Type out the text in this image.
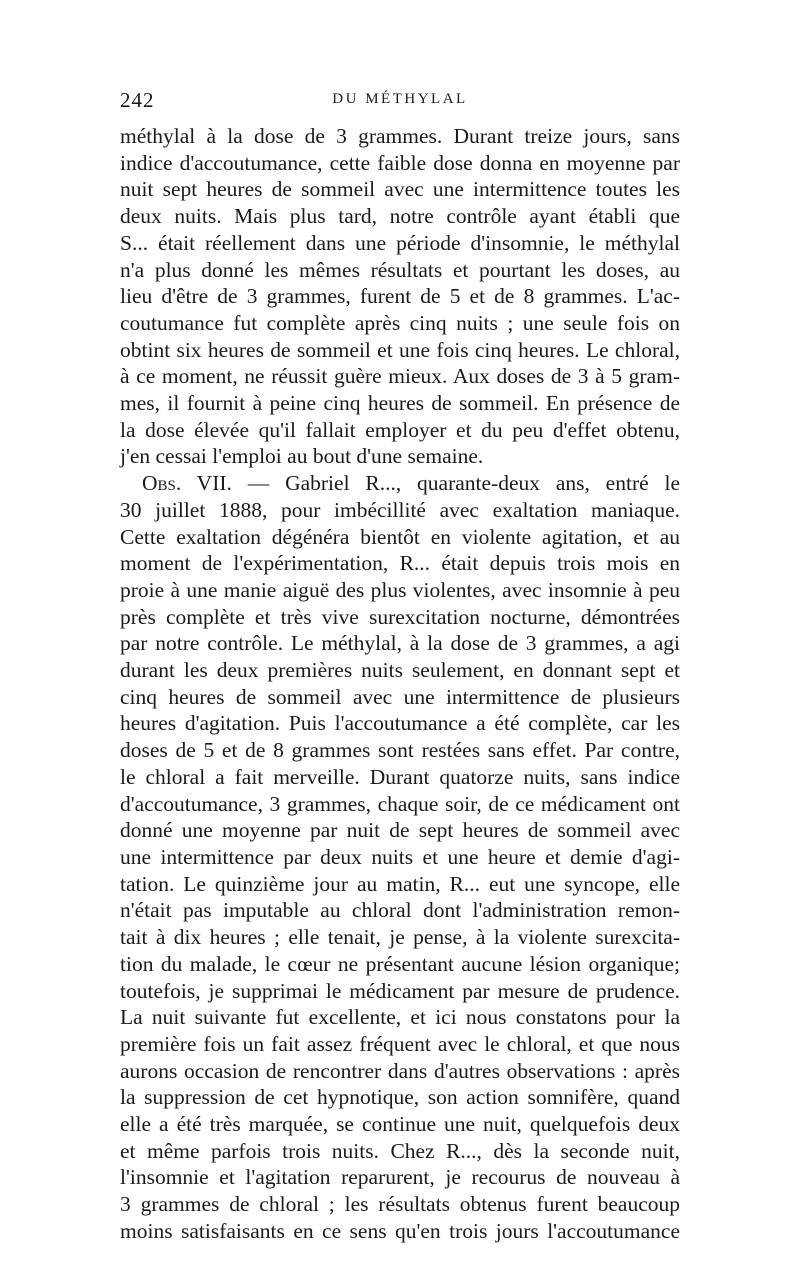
242	DU MÉTHYLAL
méthylal à la dose de 3 grammes. Durant treize jours, sans
indice d'accoutumance, cette faible dose donna en moyenne par
nuit sept heures de sommeil avec une intermittence toutes les
deux nuits. Mais plus tard, notre contrôle ayant établi que
S... était réellement dans une période d'insomnie, le méthylal
n'a plus donné les mêmes résultats et pourtant les doses, au
lieu d'être de 3 grammes, furent de 5 et de 8 grammes. L'ac-
coutumance fut complète après cinq nuits ; une seule fois on
obtint six heures de sommeil et une fois cinq heures. Le chloral,
à ce moment, ne réussit guère mieux. Aux doses de 3 à 5 gram-
mes, il fournit à peine cinq heures de sommeil. En présence de
la dose élevée qu'il fallait employer et du peu d'effet obtenu,
j'en cessai l'emploi au bout d'une semaine.
Obs. VII. — Gabriel R..., quarante-deux ans, entré le
30 juillet 1888, pour imbécillité avec exaltation maniaque.
Cette exaltation dégénéra bientôt en violente agitation, et au
moment de l'expérimentation, R... était depuis trois mois en
proie à une manie aiguë des plus violentes, avec insomnie à peu
près complète et très vive surexcitation nocturne, démontrées
par notre contrôle. Le méthylal, à la dose de 3 grammes, a agi
durant les deux premières nuits seulement, en donnant sept et
cinq heures de sommeil avec une intermittence de plusieurs
heures d'agitation. Puis l'accoutumance a été complète, car les
doses de 5 et de 8 grammes sont restées sans effet. Par contre,
le chloral a fait merveille. Durant quatorze nuits, sans indice
d'accoutumance, 3 grammes, chaque soir, de ce médicament ont
donné une moyenne par nuit de sept heures de sommeil avec
une intermittence par deux nuits et une heure et demie d'agi-
tation. Le quinzième jour au matin, R... eut une syncope, elle
n'était pas imputable au chloral dont l'administration remon-
tait à dix heures ; elle tenait, je pense, à la violente surexcita-
tion du malade, le cœur ne présentant aucune lésion organique;
toutefois, je supprimai le médicament par mesure de prudence.
La nuit suivante fut excellente, et ici nous constatons pour la
première fois un fait assez fréquent avec le chloral, et que nous
aurons occasion de rencontrer dans d'autres observations : après
la suppression de cet hypnotique, son action somnifère, quand
elle a été très marquée, se continue une nuit, quelquefois deux
et même parfois trois nuits. Chez R..., dès la seconde nuit,
l'insomnie et l'agitation reparurent, je recourus de nouveau à
3 grammes de chloral ; les résultats obtenus furent beaucoup
moins satisfaisants en ce sens qu'en trois jours l'accoutumance
